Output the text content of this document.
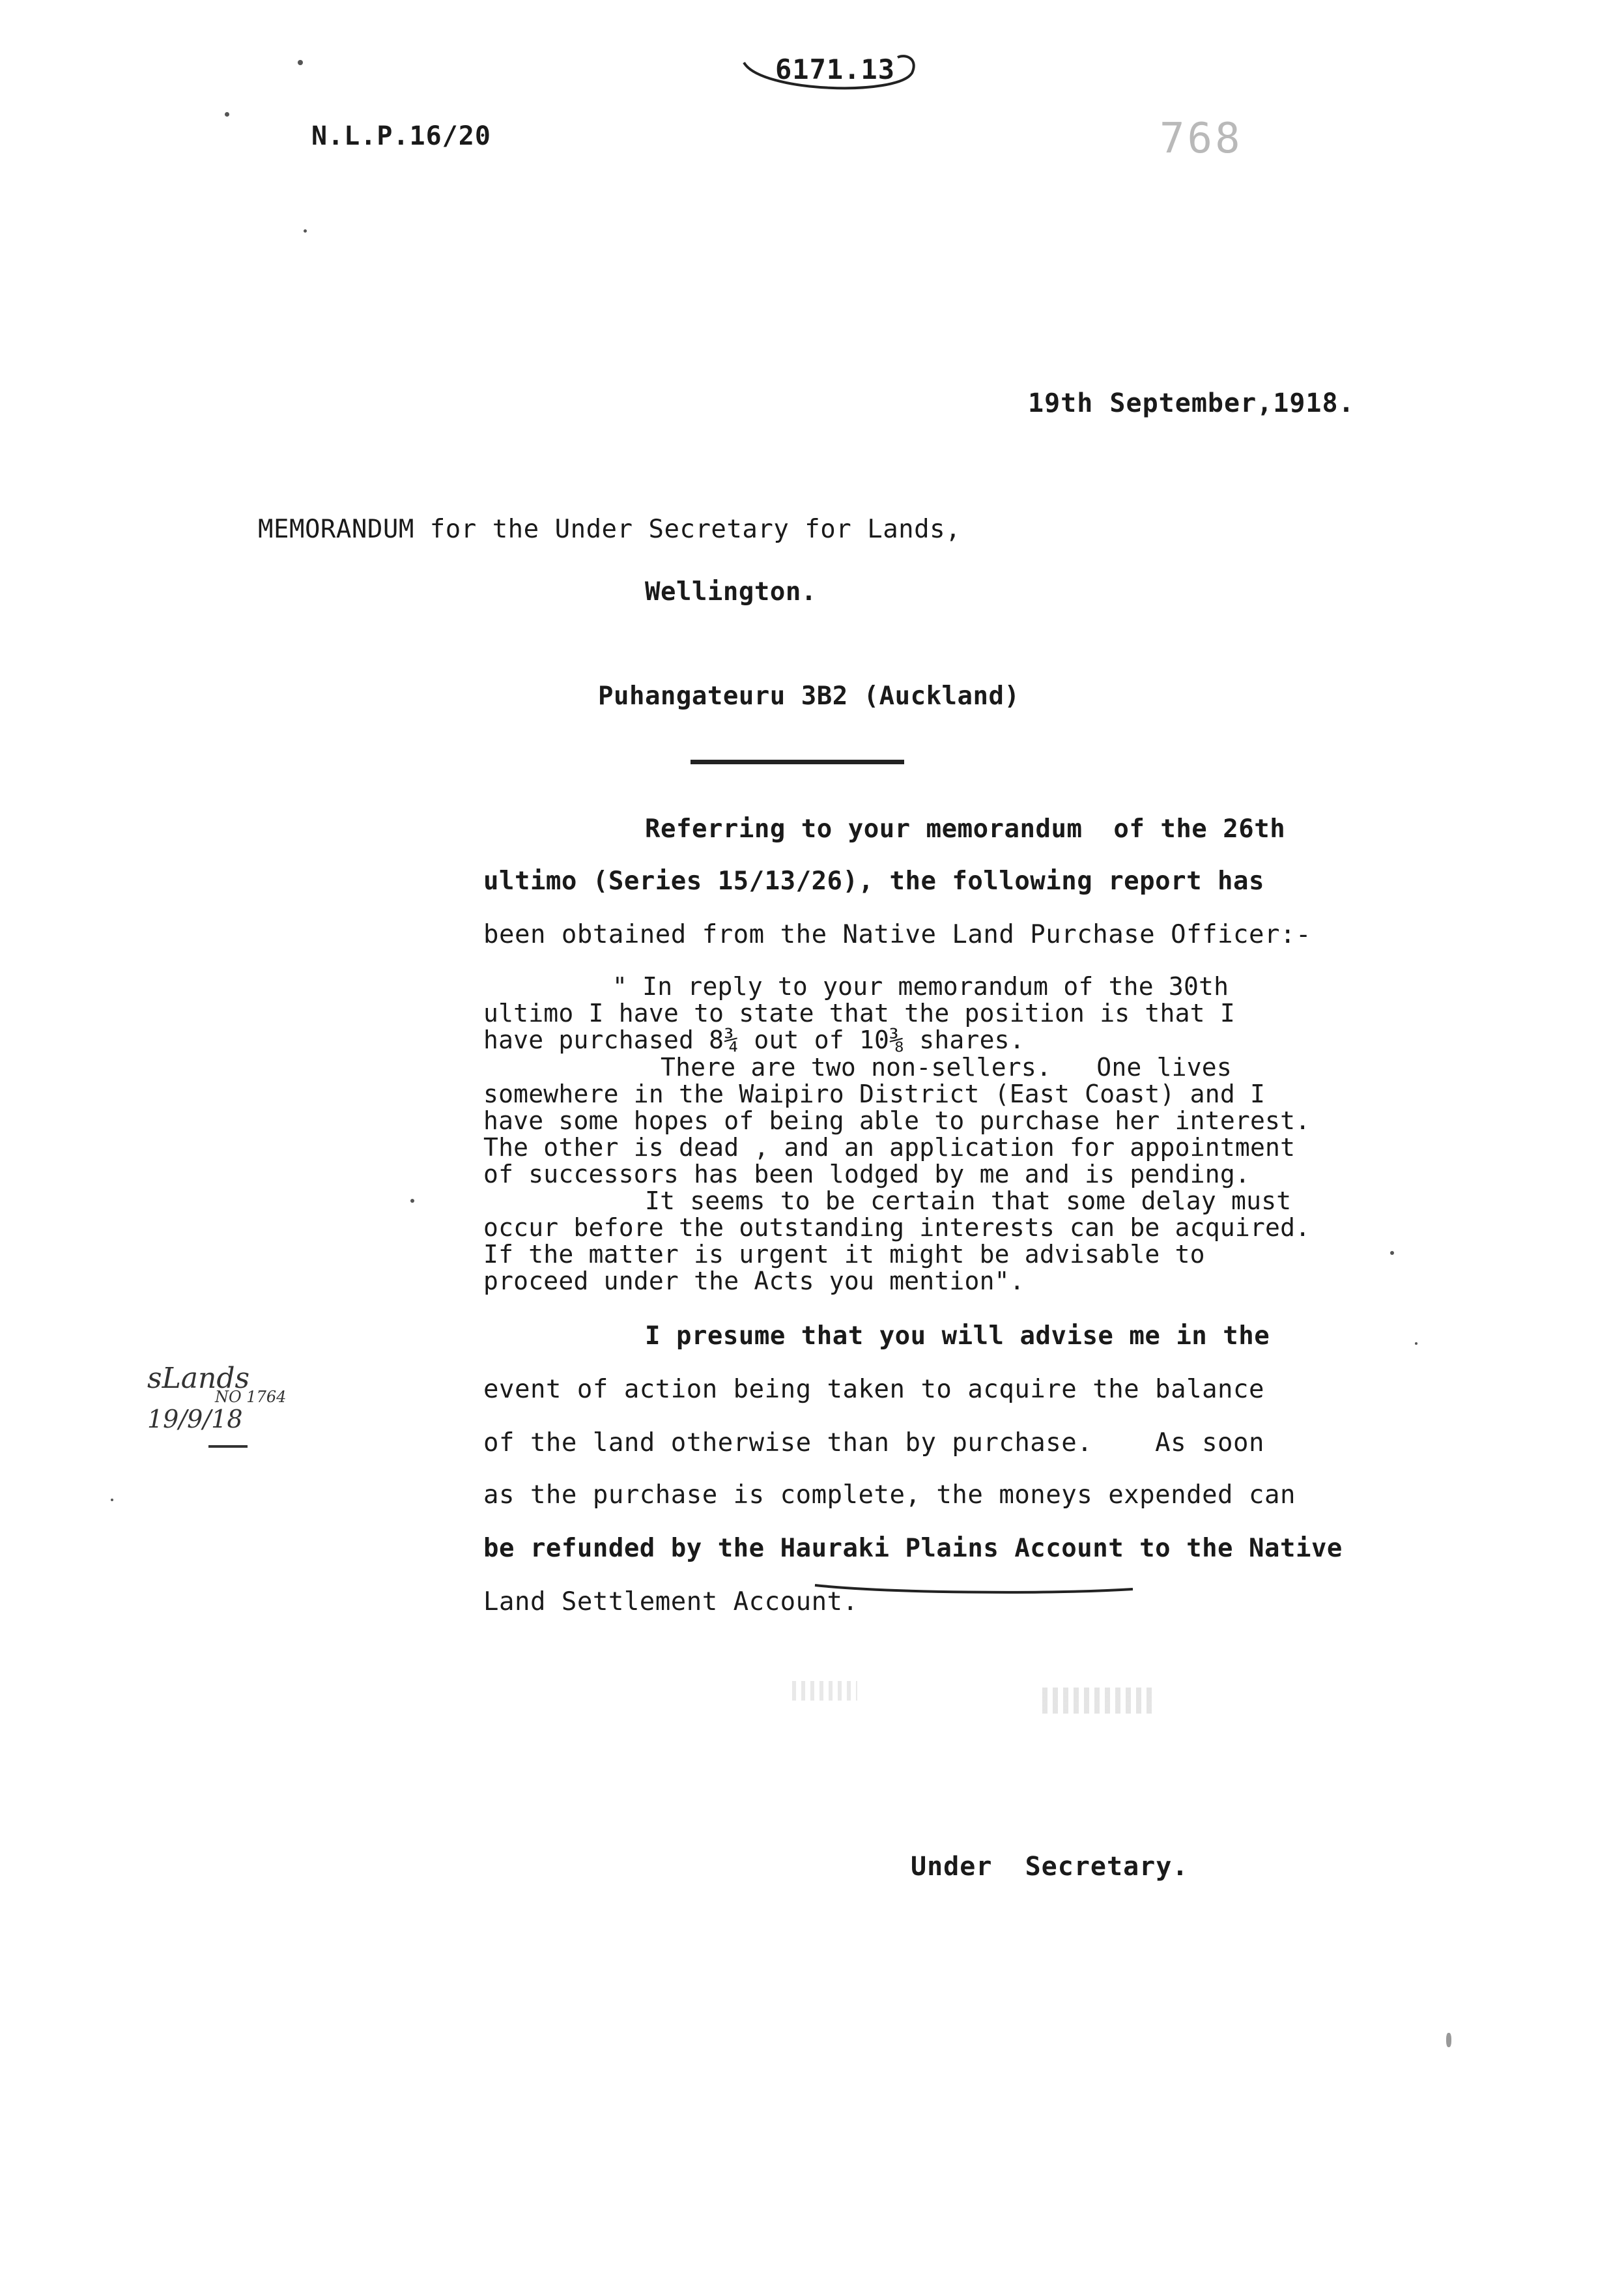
N.L.P.16/20

6171.13

768
19th September,1918.
MEMORANDUM for the Under Secretary for Lands,
Wellington.
Puhangateuru 3B2 (Auckland)
Referring to your memorandum  of the 26th
ultimo (Series 15/13/26), the following report has
been obtained from the Native Land Purchase Officer:-
" In reply to your memorandum of the 30th
ultimo I have to state that the position is that I
have purchased 8¾ out of 10⅜ shares.
There are two non-sellers.   One lives
somewhere in the Waipiro District (East Coast) and I
have some hopes of being able to purchase her interest.
The other is dead , and an application for appointment
of successors has been lodged by me and is pending.
It seems to be certain that some delay must
occur before the outstanding interests can be acquired.
If the matter is urgent it might be advisable to
proceed under the Acts you mention".
I presume that you will advise me in the
event of action being taken to acquire the balance
of the land otherwise than by purchase.    As soon
as the purchase is complete, the moneys expended can
be refunded by the Hauraki Plains Account to the Native

Land Settlement Account.
Under  Secretary.

sLands

NO 1764

19/9/18
